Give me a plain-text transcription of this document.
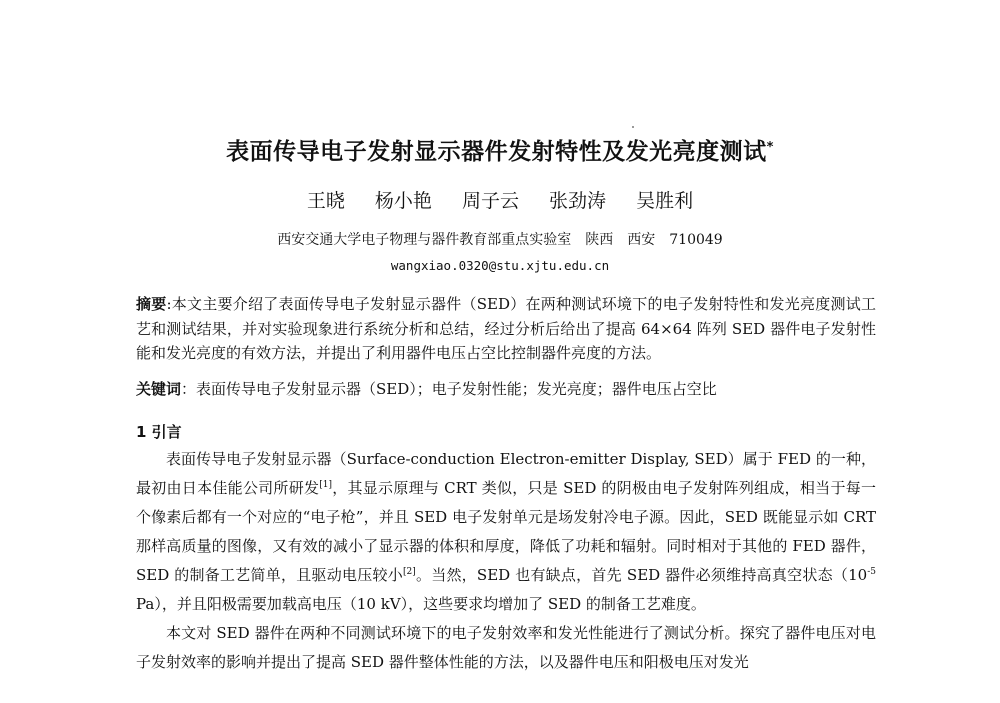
表面传导电子发射显示器件发射特性及发光亮度测试*
王晓 杨小艳 周子云 张劲涛 吴胜利
西安交通大学电子物理与器件教育部重点实验室　陕西　西安　710049
wangxiao.0320@stu.xjtu.edu.cn
摘要:本文主要介绍了表面传导电子发射显示器件（SED）在两种测试环境下的电子发射特性和发光亮度测试工艺和测试结果，并对实验现象进行系统分析和总结，经过分析后给出了提高 64×64 阵列 SED 器件电子发射性能和发光亮度的有效方法，并提出了利用器件电压占空比控制器件亮度的方法。
关键词：表面传导电子发射显示器（SED）；电子发射性能；发光亮度；器件电压占空比
1 引言

表面传导电子发射显示器（Surface-conduction Electron-emitter Display, SED）属于 FED 的一种，最初由日本佳能公司所研发[1]，其显示原理与 CRT 类似，只是 SED 的阴极由电子发射阵列组成，相当于每一个像素后都有一个对应的“电子枪”，并且 SED 电子发射单元是场发射冷电子源。因此，SED 既能显示如 CRT 那样高质量的图像，又有效的减小了显示器的体积和厚度，降低了功耗和辐射。同时相对于其他的 FED 器件，SED 的制备工艺简单，且驱动电压较小[2]。当然，SED 也有缺点，首先 SED 器件必须维持高真空状态（$10^{-5}$ Pa），并且阳极需要加载高电压（10 kV），这些要求均增加了 SED 的制备工艺难度。

本文对 SED 器件在两种不同测试环境下的电子发射效率和发光性能进行了测试分析。探究了器件电压对电子发射效率的影响并提出了提高 SED 器件整体性能的方法，以及器件电压和阳极电压对发光
